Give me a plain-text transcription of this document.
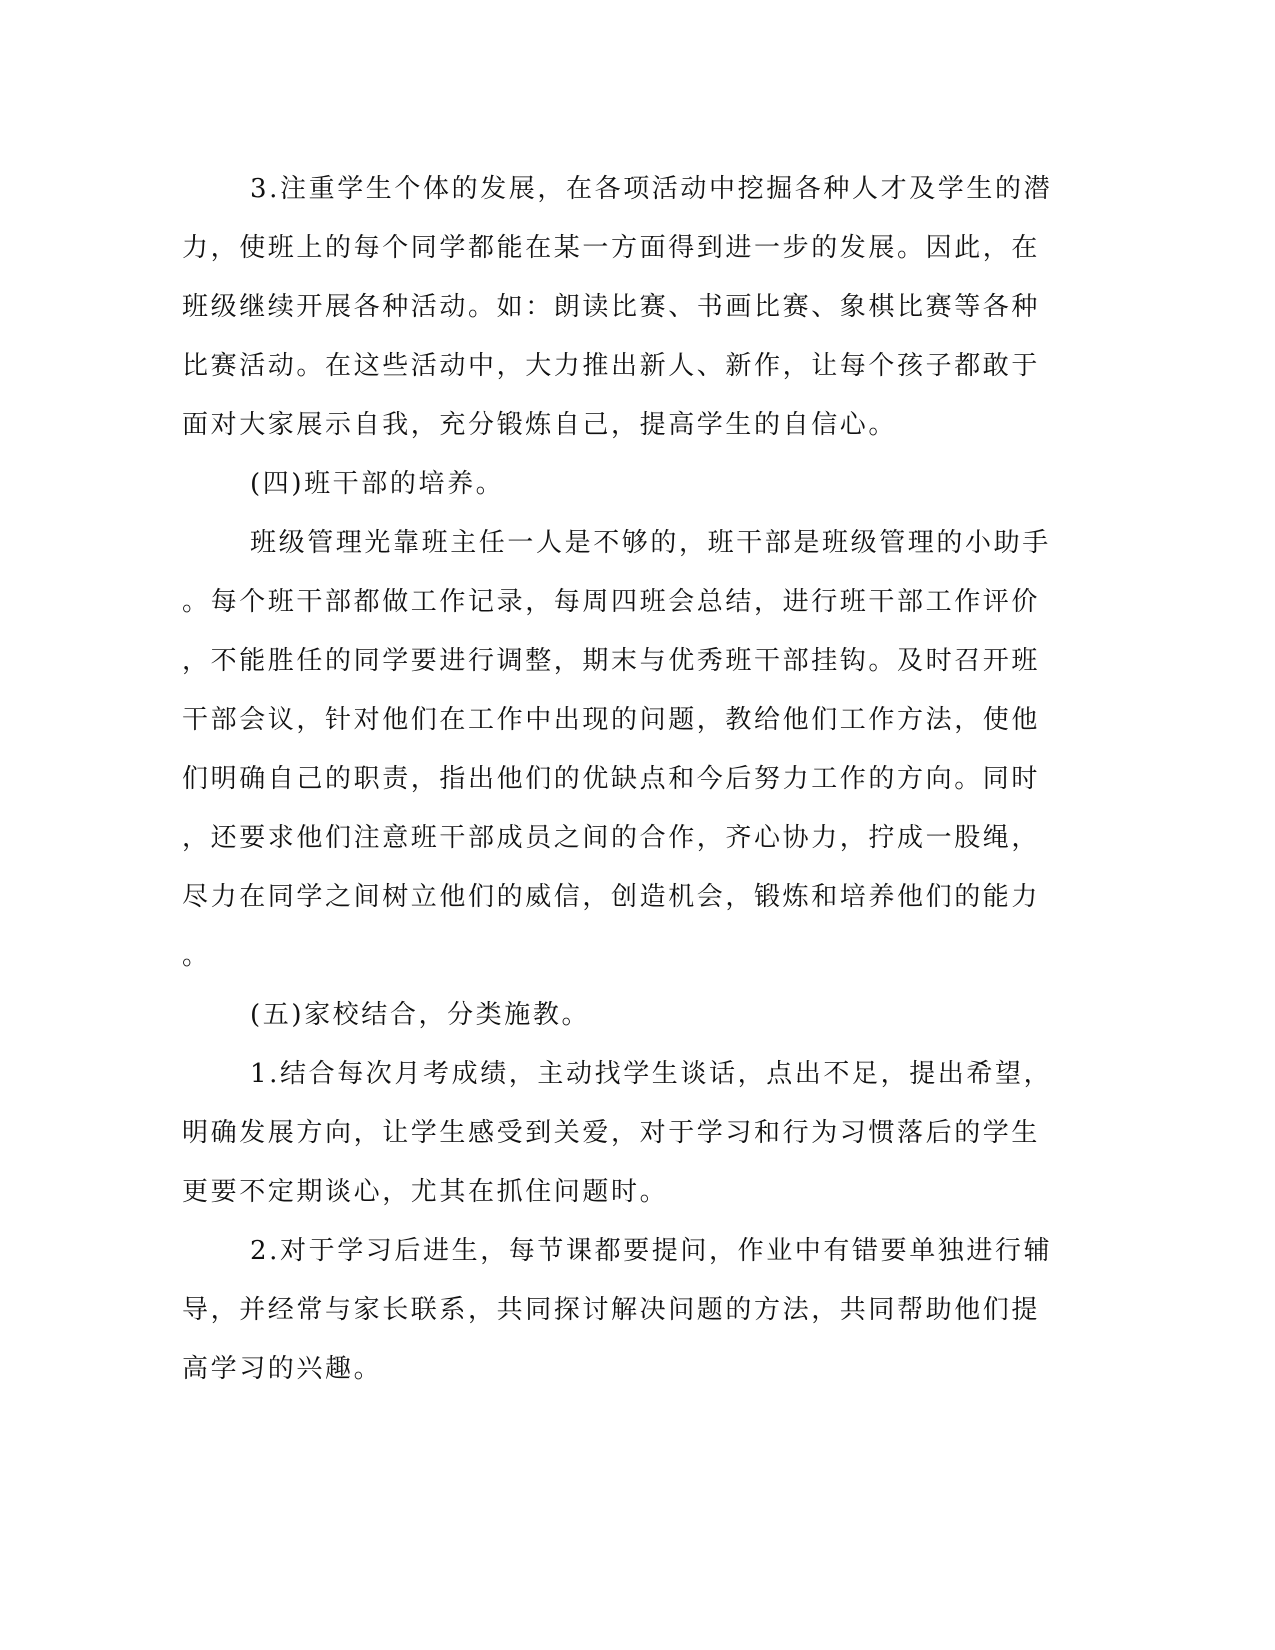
3.注重学生个体的发展，在各项活动中挖掘各种人才及学生的潜
力，使班上的每个同学都能在某一方面得到进一步的发展。因此，在
班级继续开展各种活动。如：朗读比赛、书画比赛、象棋比赛等各种
比赛活动。在这些活动中，大力推出新人、新作，让每个孩子都敢于
面对大家展示自我，充分锻炼自己，提高学生的自信心。
(四)班干部的培养。
班级管理光靠班主任一人是不够的，班干部是班级管理的小助手
。每个班干部都做工作记录，每周四班会总结，进行班干部工作评价
，不能胜任的同学要进行调整，期末与优秀班干部挂钩。及时召开班
干部会议，针对他们在工作中出现的问题，教给他们工作方法，使他
们明确自己的职责，指出他们的优缺点和今后努力工作的方向。同时
，还要求他们注意班干部成员之间的合作，齐心协力，拧成一股绳，
尽力在同学之间树立他们的威信，创造机会，锻炼和培养他们的能力
。
(五)家校结合，分类施教。
1.结合每次月考成绩，主动找学生谈话，点出不足，提出希望，
明确发展方向，让学生感受到关爱，对于学习和行为习惯落后的学生
更要不定期谈心，尤其在抓住问题时。
2.对于学习后进生，每节课都要提问，作业中有错要单独进行辅
导，并经常与家长联系，共同探讨解决问题的方法，共同帮助他们提
高学习的兴趣。
